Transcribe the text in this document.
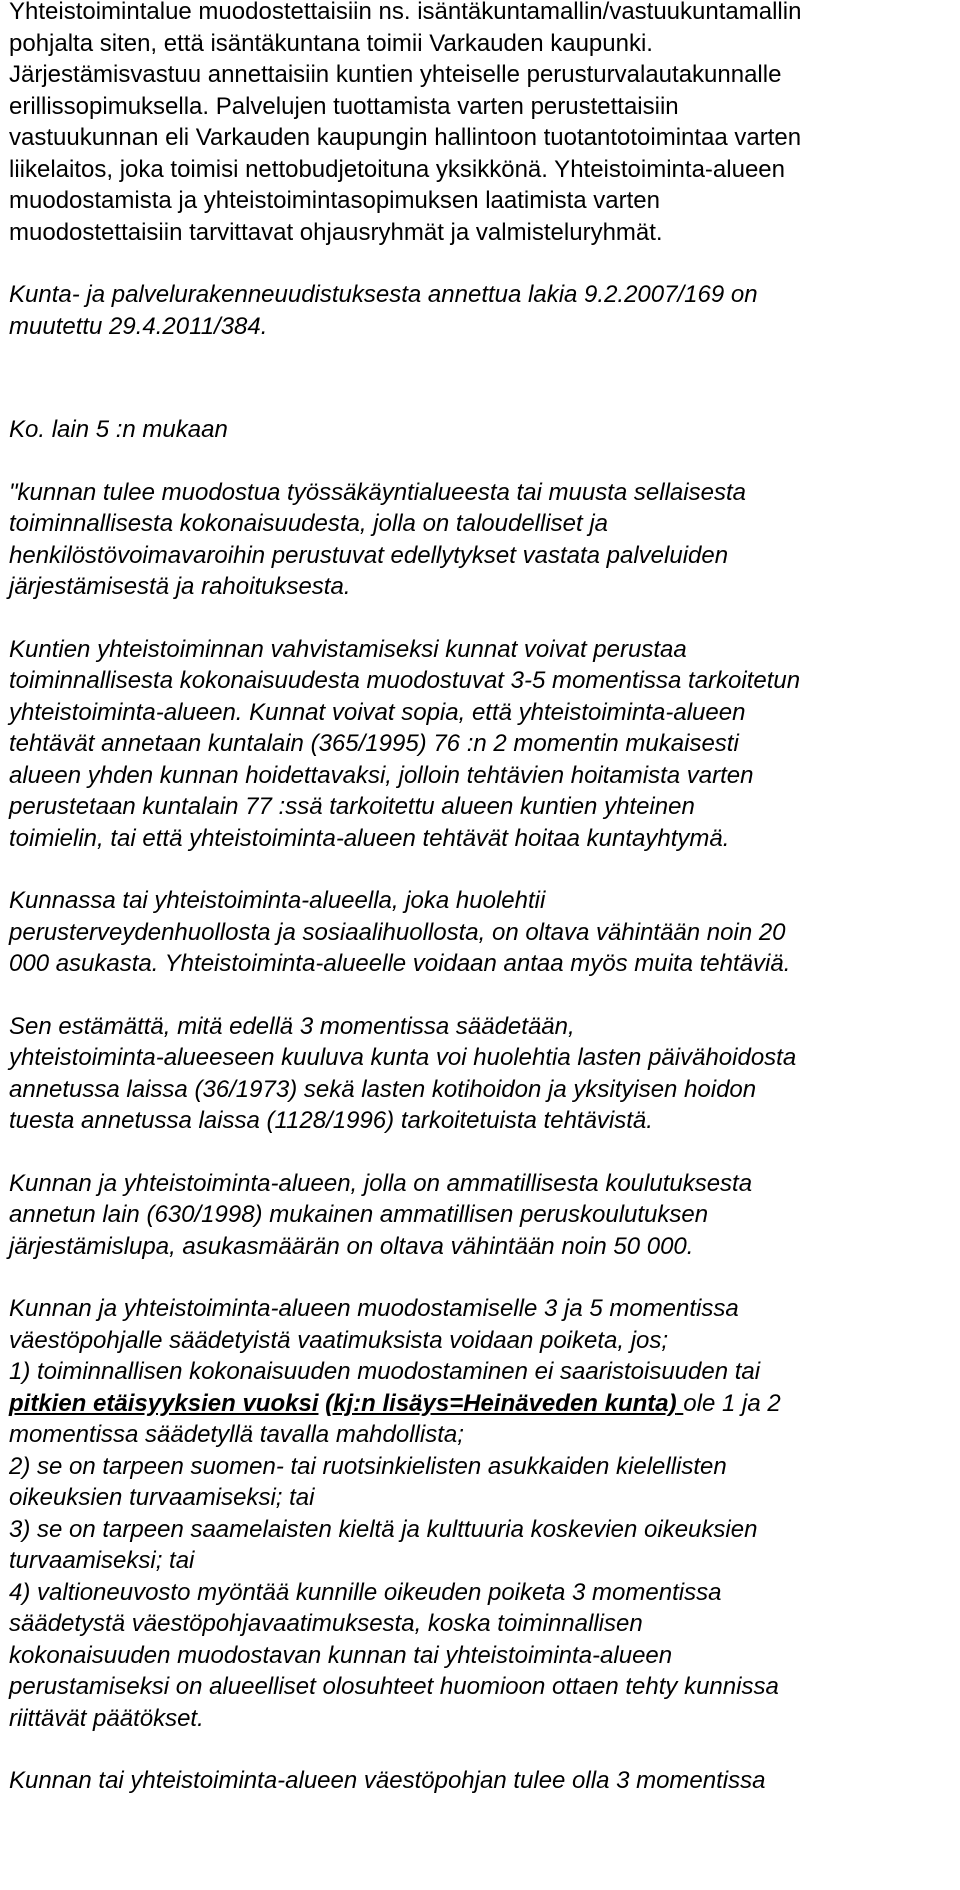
Yhteistoimintalue muodostettaisiin ns. isäntäkuntamallin/vastuukuntamallin
pohjalta siten, että isäntäkuntana toimii Varkauden kaupunki.
Järjestämisvastuu annettaisiin kuntien yhteiselle perusturvalautakunnalle
erillissopimuksella. Palvelujen tuottamista varten perustettaisiin
vastuukunnan eli Varkauden kaupungin hallintoon tuotantotoimintaa varten
liikelaitos, joka toimisi nettobudjetoituna yksikkönä. Yhteistoiminta-alueen
muodostamista ja yhteistoimintasopimuksen laatimista varten
muodostettaisiin tarvittavat ohjausryhmät ja valmisteluryhmät.

Kunta- ja palvelurakenneuudistuksesta annettua lakia 9.2.2007/169 on
muutettu 29.4.2011/384.

Ko. lain 5 :n mukaan

"kunnan tulee muodostua työssäkäyntialueesta tai muusta sellaisesta
toiminnallisesta kokonaisuudesta, jolla on taloudelliset ja
henkilöstövoimavaroihin perustuvat edellytykset vastata palveluiden
järjestämisestä ja rahoituksesta.

Kuntien yhteistoiminnan vahvistamiseksi kunnat voivat perustaa
toiminnallisesta kokonaisuudesta muodostuvat 3-5 momentissa tarkoitetun
yhteistoiminta-alueen. Kunnat voivat sopia, että yhteistoiminta-alueen
tehtävät annetaan kuntalain (365/1995) 76 :n 2 momentin mukaisesti
alueen yhden kunnan hoidettavaksi, jolloin tehtävien hoitamista varten
perustetaan kuntalain 77 :ssä tarkoitettu alueen kuntien yhteinen
toimielin, tai että yhteistoiminta-alueen tehtävät hoitaa kuntayhtymä.

Kunnassa tai yhteistoiminta-alueella, joka huolehtii
perusterveydenhuollosta ja sosiaalihuollosta, on oltava vähintään noin 20
000 asukasta. Yhteistoiminta-alueelle voidaan antaa myös muita tehtäviä.

Sen estämättä, mitä edellä 3 momentissa säädetään,
yhteistoiminta-alueeseen kuuluva kunta voi huolehtia lasten päivähoidosta
annetussa laissa (36/1973) sekä lasten kotihoidon ja yksityisen hoidon
tuesta annetussa laissa (1128/1996) tarkoitetuista tehtävistä.

Kunnan ja yhteistoiminta-alueen, jolla on ammatillisesta koulutuksesta
annetun lain (630/1998) mukainen ammatillisen peruskoulutuksen
järjestämislupa, asukasmäärän on oltava vähintään noin 50 000.

Kunnan ja yhteistoiminta-alueen muodostamiselle 3 ja 5 momentissa
väestöpohjalle säädetyistä vaatimuksista voidaan poiketa, jos;
1) toiminnallisen kokonaisuuden muodostaminen ei saaristoisuuden tai
pitkien etäisyyksien vuoksi (kj:n lisäys=Heinäveden kunta) ole 1 ja 2
momentissa säädetyllä tavalla mahdollista;
2) se on tarpeen suomen- tai ruotsinkielisten asukkaiden kielellisten
oikeuksien turvaamiseksi; tai
3) se on tarpeen saamelaisten kieltä ja kulttuuria koskevien oikeuksien
turvaamiseksi; tai
4) valtioneuvosto myöntää kunnille oikeuden poiketa 3 momentissa
säädetystä väestöpohjavaatimuksesta, koska toiminnallisen
kokonaisuuden muodostavan kunnan tai yhteistoiminta-alueen
perustamiseksi on alueelliset olosuhteet huomioon ottaen tehty kunnissa
riittävät päätökset.

Kunnan tai yhteistoiminta-alueen väestöpohjan tulee olla 3 momentissa
